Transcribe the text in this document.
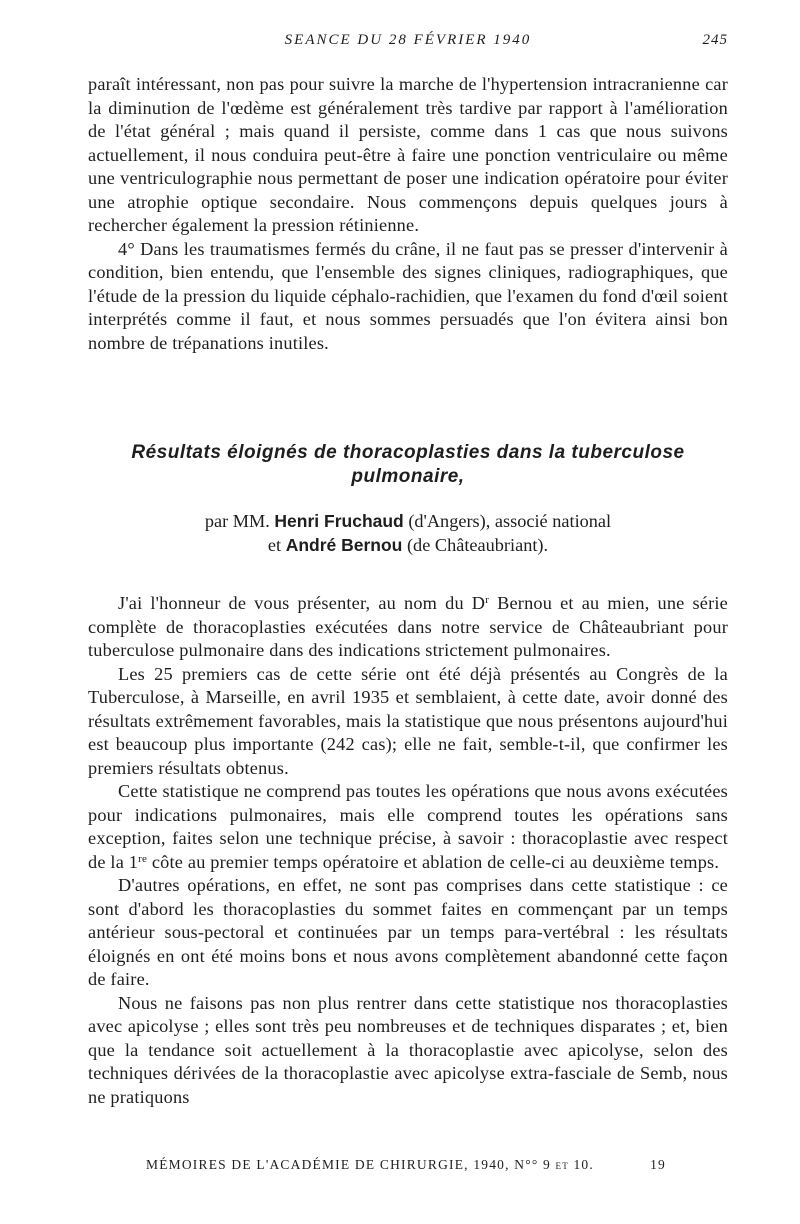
SEANCE DU 28 FÉVRIER 1940	245

paraît intéressant, non pas pour suivre la marche de l'hypertension intracranienne car la diminution de l'œdème est généralement très tardive par rapport à l'amélioration de l'état général ; mais quand il persiste, comme dans 1 cas que nous suivons actuellement, il nous conduira peut-être à faire une ponction ventriculaire ou même une ventriculographie nous permettant de poser une indication opératoire pour éviter une atrophie optique secondaire. Nous commençons depuis quelques jours à rechercher également la pression rétinienne.

4° Dans les traumatismes fermés du crâne, il ne faut pas se presser d'intervenir à condition, bien entendu, que l'ensemble des signes cliniques, radiographiques, que l'étude de la pression du liquide céphalo-rachidien, que l'examen du fond d'œil soient interprétés comme il faut, et nous sommes persuadés que l'on évitera ainsi bon nombre de trépanations inutiles.

Résultats éloignés de thoracoplasties dans la tuberculose
pulmonaire,
par MM. Henri Fruchaud (d'Angers), associé national
et André Bernou (de Châteaubriant).

J'ai l'honneur de vous présenter, au nom du $D^r$ Bernou et au mien, une série complète de thoracoplasties exécutées dans notre service de Châteaubriant pour tuberculose pulmonaire dans des indications strictement pulmonaires.

Les 25 premiers cas de cette série ont été déjà présentés au Congrès de la Tuberculose, à Marseille, en avril 1935 et semblaient, à cette date, avoir donné des résultats extrêmement favorables, mais la statistique que nous présentons aujourd'hui est beaucoup plus importante (242 cas); elle ne fait, semble-t-il, que confirmer les premiers résultats obtenus.

Cette statistique ne comprend pas toutes les opérations que nous avons exécutées pour indications pulmonaires, mais elle comprend toutes les opérations sans exception, faites selon une technique précise, à savoir : thoracoplastie avec respect de la 1re côte au premier temps opératoire et ablation de celle-ci au deuxième temps.

D'autres opérations, en effet, ne sont pas comprises dans cette statistique : ce sont d'abord les thoracoplasties du sommet faites en commençant par un temps antérieur sous-pectoral et continuées par un temps para-vertébral : les résultats éloignés en ont été moins bons et nous avons complètement abandonné cette façon de faire.

Nous ne faisons pas non plus rentrer dans cette statistique nos thoracoplasties avec apicolyse ; elles sont très peu nombreuses et de techniques disparates ; et, bien que la tendance soit actuellement à la thoracoplastie avec apicolyse, selon des techniques dérivées de la thoracoplastie avec apicolyse extra-fasciale de Semb, nous ne pratiquons

MÉMOIRES DE L'ACADÉMIE DE CHIRURGIE, 1940, N°° 9 et 10.	19
